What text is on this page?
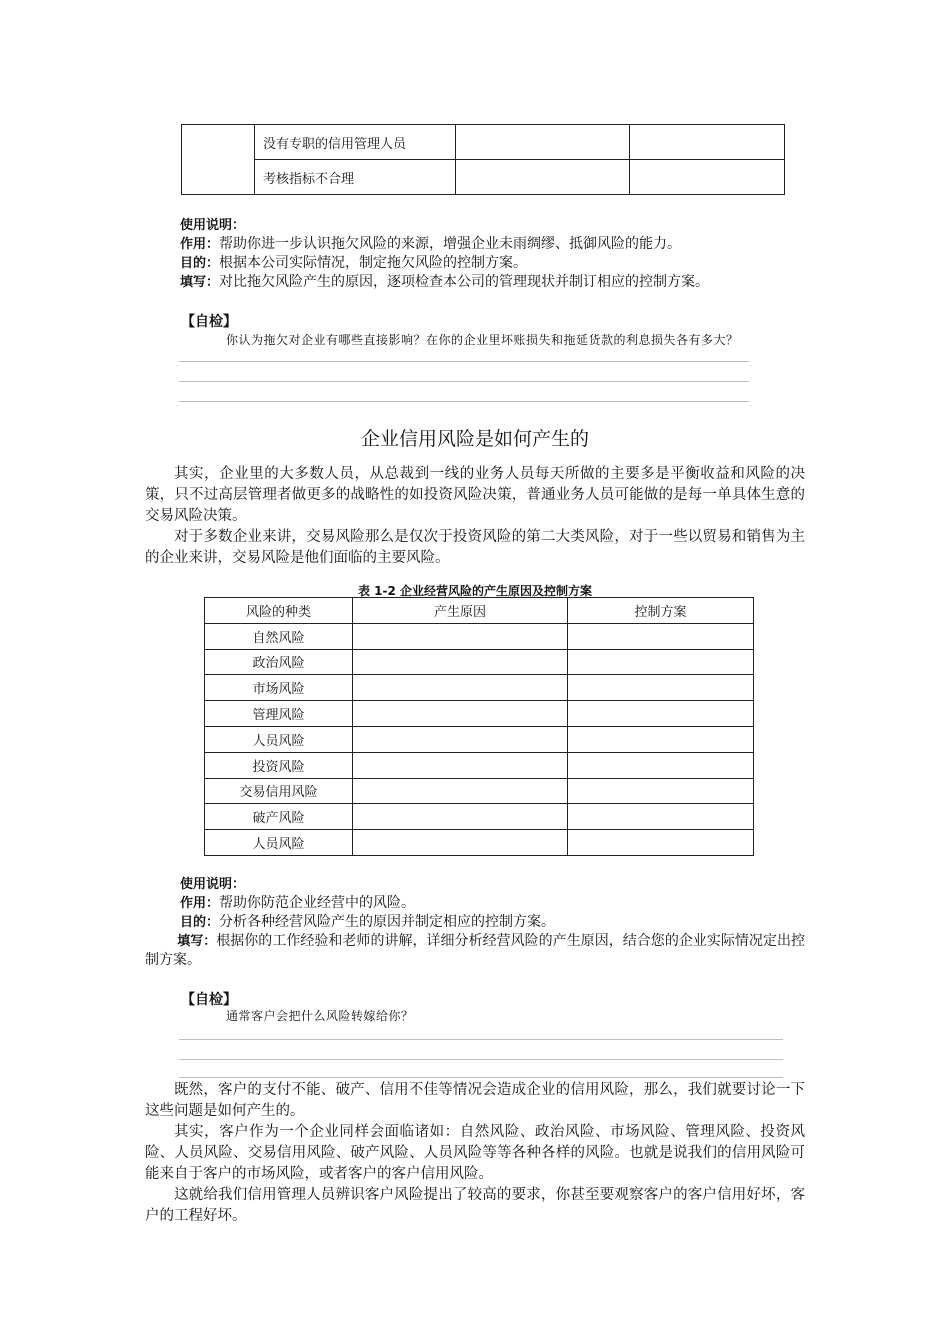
	没有专职的信用管理人员		
	考核指标不合理		
使用说明：
作用：帮助你进一步认识拖欠风险的来源，增强企业未雨绸缪、抵御风险的能力。
目的：根据本公司实际情况，制定拖欠风险的控制方案。
填写：对比拖欠风险产生的原因，逐项检查本公司的管理现状并制订相应的控制方案。
【自检】
你认为拖欠对企业有哪些直接影响？在你的企业里坏账损失和拖延货款的利息损失各有多大？
企业信用风险是如何产生的

其实，企业里的大多数人员，从总裁到一线的业务人员每天所做的主要多是平衡收益和风险的决策，只不过高层管理者做更多的战略性的如投资风险决策，普通业务人员可能做的是每一单具体生意的交易风险决策。

对于多数企业来讲，交易风险那么是仅次于投资风险的第二大类风险，对于一些以贸易和销售为主的企业来讲，交易风险是他们面临的主要风险。

表 1-2 企业经营风险的产生原因及控制方案
风险的种类	产生原因	控制方案
自然风险		
政治风险		
市场风险		
管理风险		
人员风险		
投资风险		
交易信用风险		
破产风险		
人员风险		
使用说明：
作用：帮助你防范企业经营中的风险。
目的：分析各种经营风险产生的原因并制定相应的控制方案。
填写：根据你的工作经验和老师的讲解，详细分析经营风险的产生原因，结合您的企业实际情况定出控制方案。
【自检】
通常客户会把什么风险转嫁给你？

既然，客户的支付不能、破产、信用不佳等情况会造成企业的信用风险，那么，我们就要讨论一下这些问题是如何产生的。

其实，客户作为一个企业同样会面临诸如：自然风险、政治风险、市场风险、管理风险、投资风险、人员风险、交易信用风险、破产风险、人员风险等等各种各样的风险。也就是说我们的信用风险可能来自于客户的市场风险，或者客户的客户信用风险。

这就给我们信用管理人员辨识客户风险提出了较高的要求，你甚至要观察客户的客户信用好坏，客户的工程好坏。
